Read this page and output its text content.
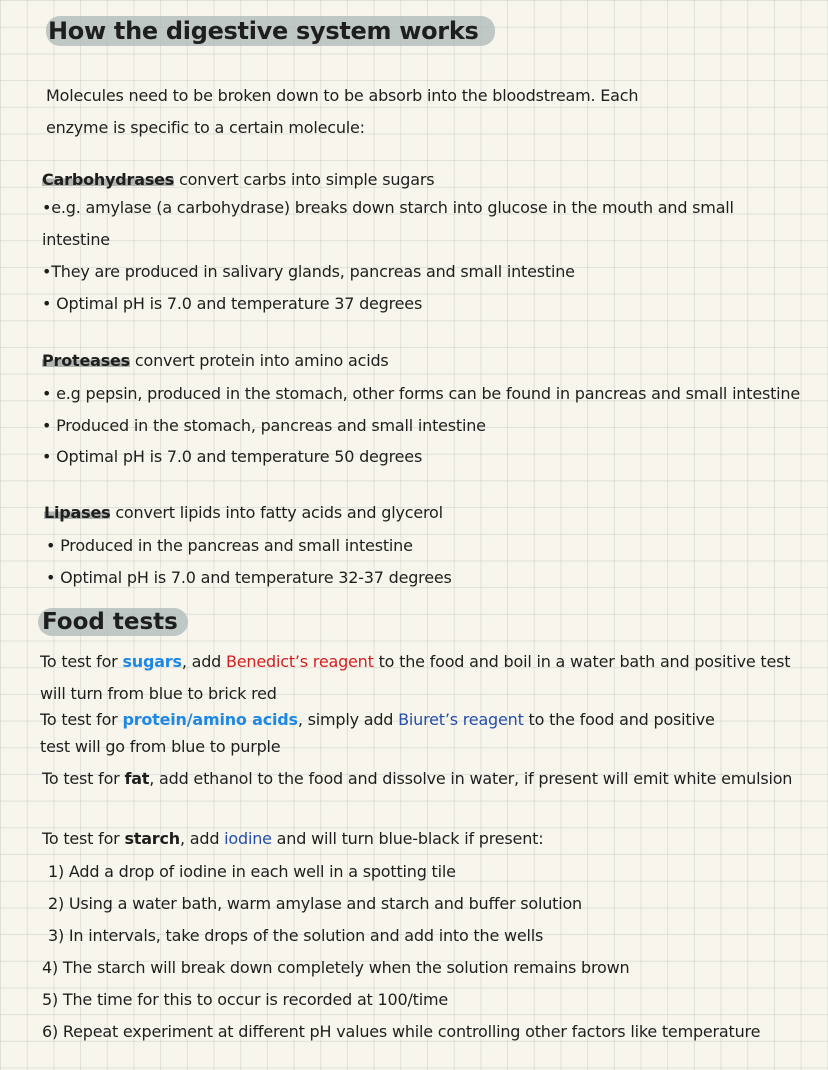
How the digestive system works
Molecules need to be broken down to be absorb into the bloodstream. Each
enzyme is specific to a certain molecule:
Carbohydrases convert carbs into simple sugars
•e.g. amylase (a carbohydrase) breaks down starch into glucose in the mouth and small
intestine
•They are produced in salivary glands, pancreas and small intestine
• Optimal pH is 7.0 and temperature 37 degrees
Proteases convert protein into amino acids
• e.g pepsin, produced in the stomach, other forms can be found in pancreas and small intestine
• Produced in the stomach, pancreas and small intestine
• Optimal pH is 7.0 and temperature 50 degrees
Lipases convert lipids into fatty acids and glycerol
• Produced in the pancreas and small intestine
• Optimal pH is 7.0 and temperature 32-37 degrees
Food tests
To test for sugars, add Benedict’s reagent to the food and boil in a water bath and positive test
will turn from blue to brick red
To test for protein/amino acids, simply add Biuret’s reagent to the food and positive
test will go from blue to purple
To test for fat, add ethanol to the food and dissolve in water, if present will emit white emulsion
To test for starch, add iodine and will turn blue-black if present:
1) Add a drop of iodine in each well in a spotting tile
2) Using a water bath, warm amylase and starch and buffer solution
3) In intervals, take drops of the solution and add into the wells
4) The starch will break down completely when the solution remains brown
5) The time for this to occur is recorded at 100/time
6) Repeat experiment at different pH values while controlling other factors like temperature
